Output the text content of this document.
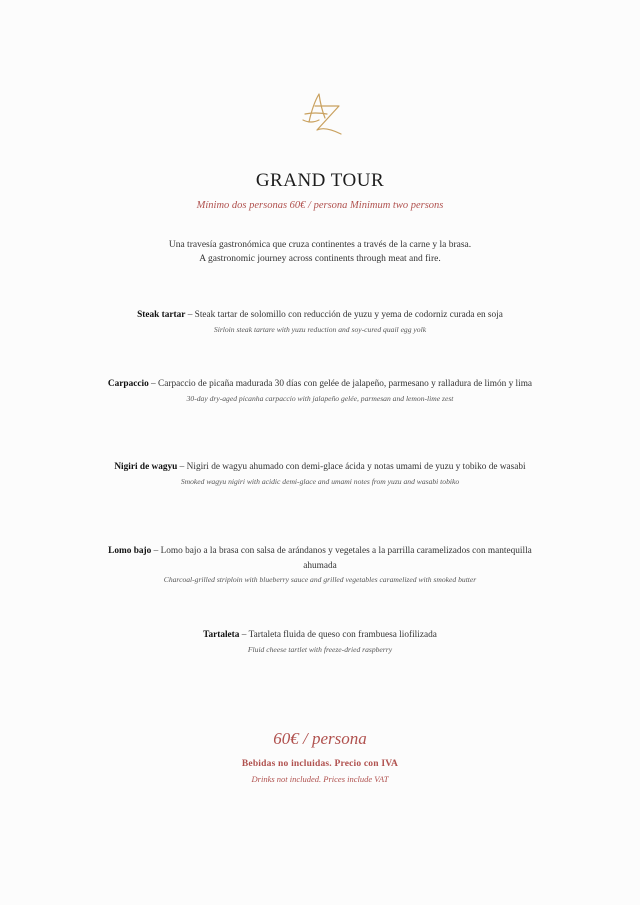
GRAND TOUR
Mínimo dos personas 60€ / persona Minimum two persons
Una travesía gastronómica que cruza continentes a través de la carne y la brasa.
A gastronomic journey across continents through meat and fire.
Steak tartar – Steak tartar de solomillo con reducción de yuzu y yema de codorniz curada en soja
Sirloin steak tartare with yuzu reduction and soy-cured quail egg yolk
Carpaccio – Carpaccio de picaña madurada 30 días con gelée de jalapeño, parmesano y ralladura de limón y lima
30-day dry-aged picanha carpaccio with jalapeño gelée, parmesan and lemon-lime zest
Nigiri de wagyu – Nigiri de wagyu ahumado con demi-glace ácida y notas umami de yuzu y tobiko de wasabi
Smoked wagyu nigiri with acidic demi-glace and umami notes from yuzu and wasabi tobiko
Lomo bajo – Lomo bajo a la brasa con salsa de arándanos y vegetales a la parrilla caramelizados con mantequilla ahumada
Charcoal-grilled striploin with blueberry sauce and grilled vegetables caramelized with smoked butter
Tartaleta – Tartaleta fluida de queso con frambuesa liofilizada
Fluid cheese tartlet with freeze-dried raspberry
60€ / persona
Bebidas no incluidas. Precio con IVA
Drinks not included. Prices include VAT
